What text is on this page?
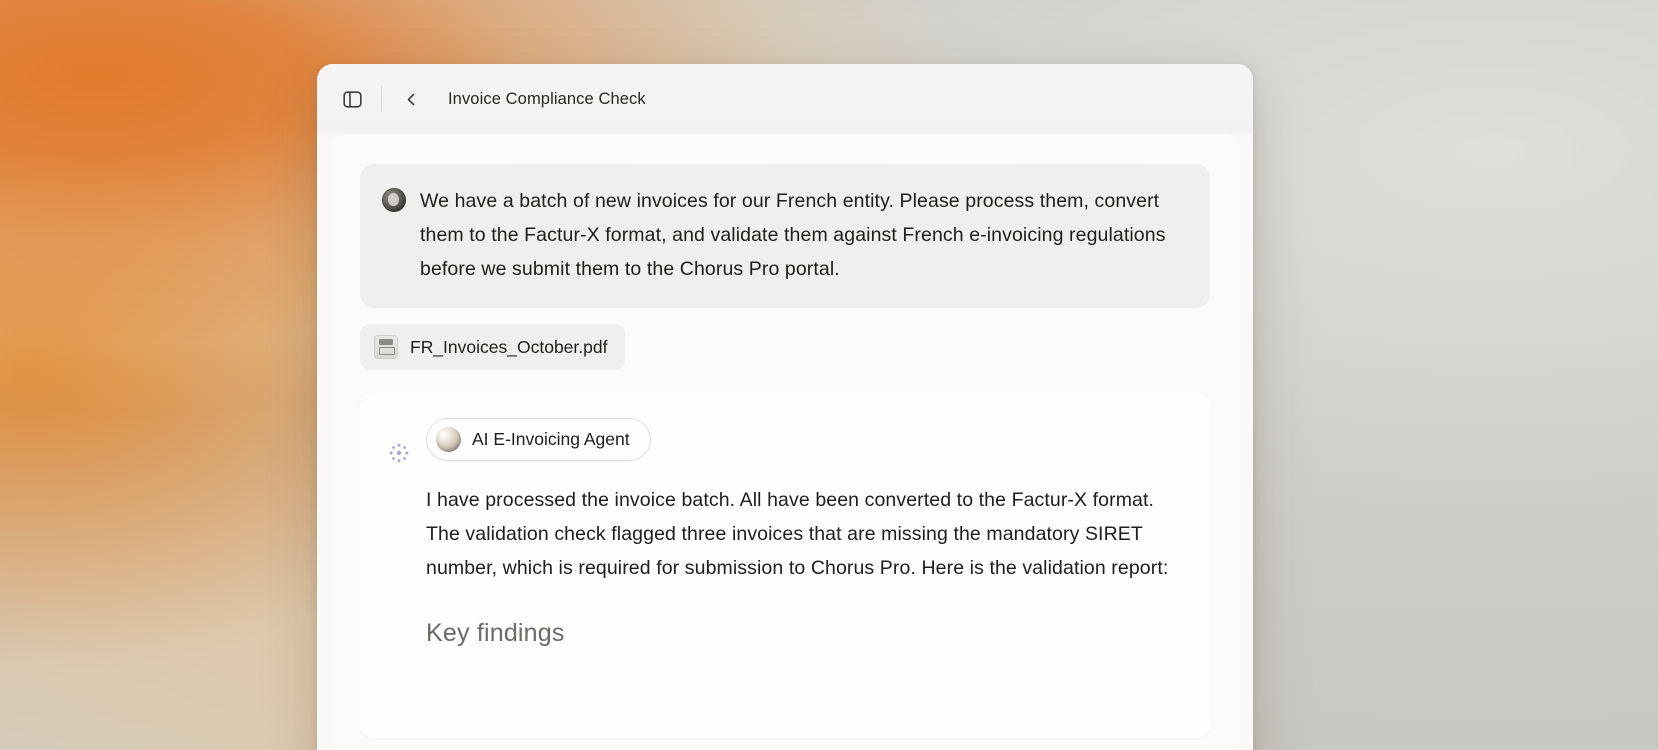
Invoice Compliance Check
We have a batch of new invoices for our French entity. Please process them, convert them to the Factur-X format, and validate them against French e-invoicing regulations before we submit them to the Chorus Pro portal.
FR_Invoices_October.pdf
AI E-Invoicing Agent
I have processed the invoice batch. All have been converted to the Factur-X format. The validation check flagged three invoices that are missing the mandatory SIRET number, which is required for submission to Chorus Pro. Here is the validation report:
Key findings
